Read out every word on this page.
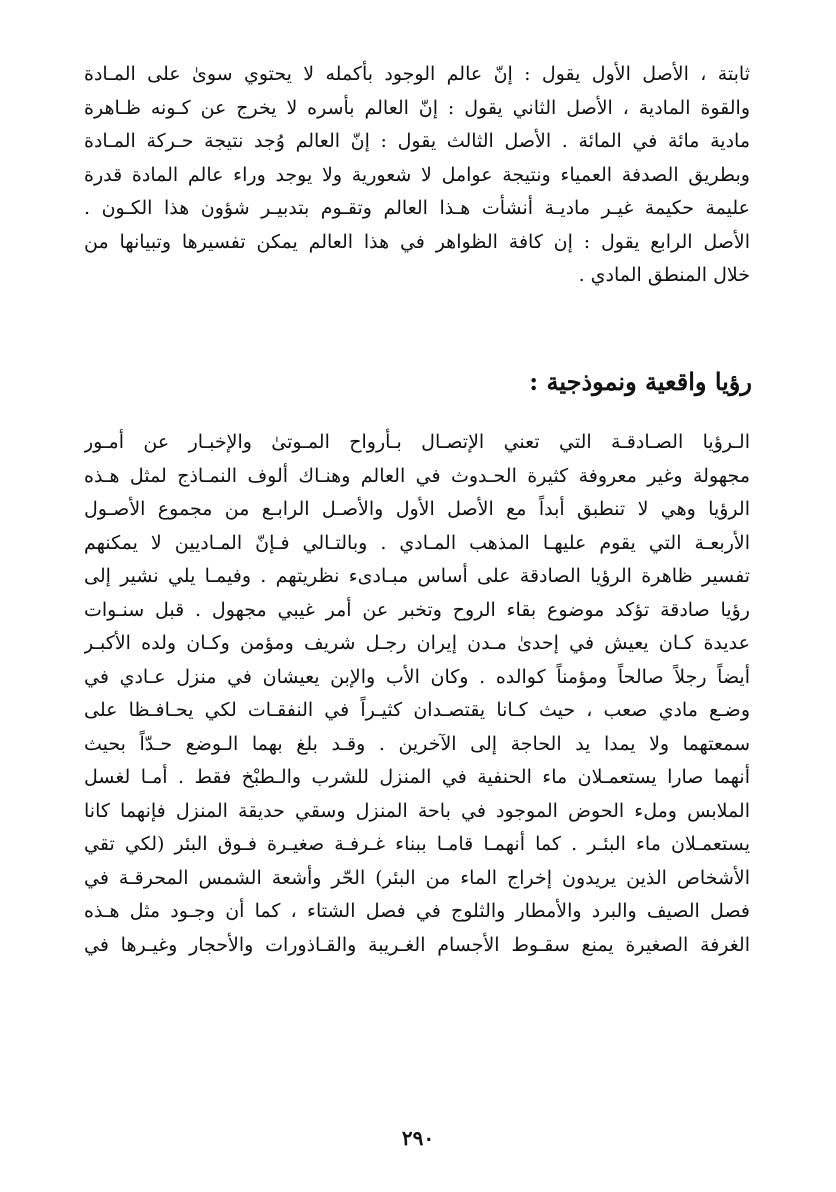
ثابتة ، الأصل الأول يقول : إنّ عالم الوجود بأكمله لا يحتوي سوىٰ على المـادة
والقوة المادية ، الأصل الثاني يقول : إنّ العالم بأسره لا يخرج عن كـونه ظـاهرة
مادية مائة في المائة . الأصل الثالث يقول : إنّ العالم وُجد نتيجة حـركة المـادة
وبطريق الصدفة العمياء ونتيجة عوامل لا شعورية ولا يوجد وراء عالم المادة قدرة
عليمة حكيمة غيـر ماديـة أنشأت هـذا العالم وتقـوم بتدبيـر شؤون هذا الكـون .
الأصل الرابع يقول : إن كافة الظواهر في هذا العالم يمكن تفسيرها وتبيانها من
خلال المنطق المادي .
رؤيا واقعية ونموذجية :
الـرؤيا الصـادقـة التي تعني الإتصـال بـأرواح المـوتىٰ والإخبـار عن أمـور
مجهولة وغير معروفة كثيرة الحـدوث في العالم وهنـاك ألوف النمـاذج لمثل هـذه
الرؤيا وهي لا تنطبق أبداً مع الأصل الأول والأصـل الرابـع من مجموع الأصـول
الأربعـة التي يقوم عليهـا المذهب المـادي . وبالتـالي فـإنّ المـاديين لا يمكنهم
تفسير ظاهرة الرؤيا الصادقة على أساس مبـادىء نظريتهم . وفيمـا يلي نشير إلى
رؤيا صادقة تؤكد موضوع بقاء الروح وتخبر عن أمر غيبي مجهول . قبل سنـوات
عديدة كـان يعيش في إحدىٰ مـدن إيران رجـل شريف ومؤمن وكـان ولده الأكبـر
أيضاً رجلاً صالحاً ومؤمناً كوالده . وكان الأب والإبن يعيشان في منزل عـادي في
وضـع مادي صعب ، حيث كـانا يقتصـدان كثيـراً في النفقـات لكي يحـافـظا على
سمعتهما ولا يمدا يد الحاجة إلى الآخرين . وقـد بلغ بهما الـوضع حـدّاً بحيث
أنهما صارا يستعمـلان ماء الحنفية في المنزل للشرب والـطبْخ فقط . أمـا لغسل
الملابس وملء الحوض الموجود في باحة المنزل وسقي حديقة المنزل فإنهما كانا
يستعمـلان ماء البئـر . كما أنهمـا قامـا ببناء غـرفـة صغيـرة فـوق البئر (لكي تقي
الأشخاص الذين يريدون إخراج الماء من البئر) الحّر وأشعة الشمس المحرقـة في
فصل الصيف والبرد والأمطار والثلوج في فصل الشتاء ، كما أن وجـود مثل هـذه
الغرفة الصغيرة يمنع سقـوط الأجسام الغـريبة والقـاذورات والأحجار وغيـرها في
٢٩٠
